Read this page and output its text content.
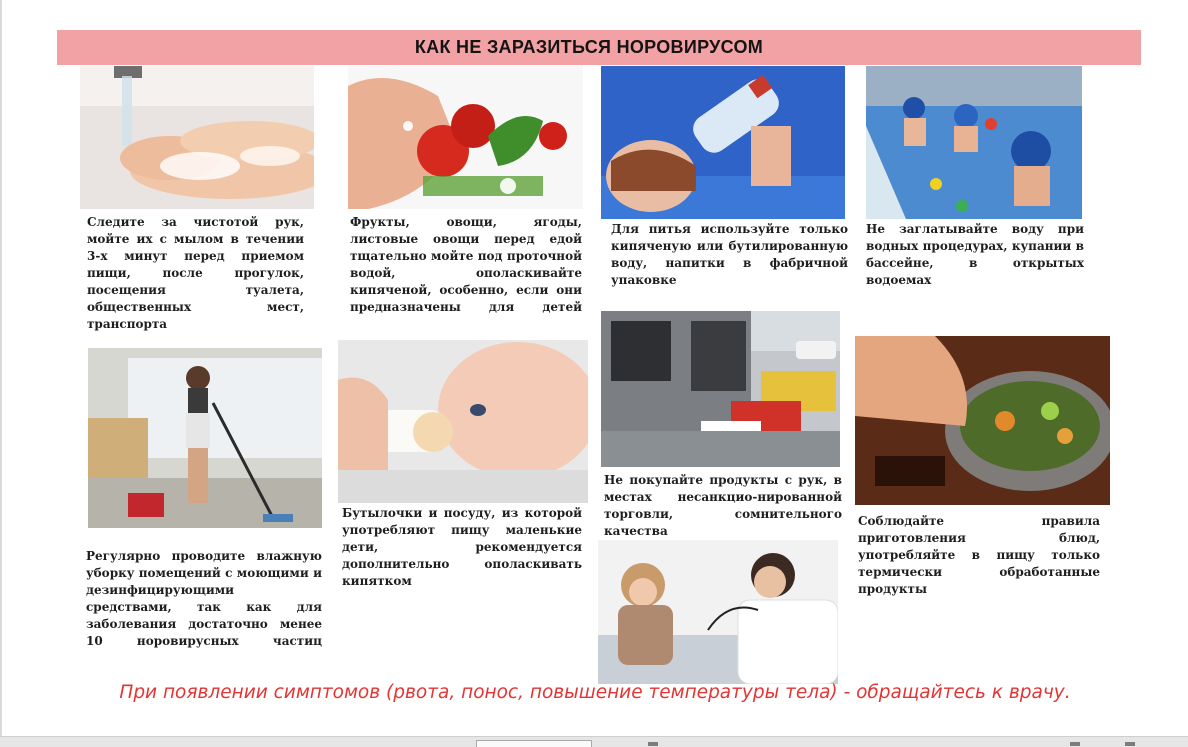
КАК НЕ ЗАРАЗИТЬСЯ НОРОВИРУСОМ

Следите за чистотой рук, мойте их с мылом в течении 3-х минут перед приемом пищи, после прогулок, посещения туалета, общественных мест, транспорта

Фрукты, овощи, ягоды, листовые овощи перед едой тщательно мойте под проточной водой, ополаскивайте кипяченой, особенно, если они предназначены для детей

Для питья используйте только кипяченую или бутилированную воду, напитки в фабричной упаковке

Не заглатывайте воду при водных процедурах, купании в бассейне, в открытых водоемах

Регулярно проводите влажную уборку помещений с моющими и дезинфицирующими средствами, так как для заболевания достаточно менее 10 норовирусных частиц

Бутылочки и посуду, из которой употребляют пищу маленькие дети, рекомендуется дополнительно ополаскивать кипятком

Не покупайте продукты с рук, в местах несанкцио-нированной торговли, сомнительного качества

Соблюдайте правила приготовления блюд, употребляйте в пищу только термически обработанные продукты

При появлении симптомов (рвота, понос, повышение температуры тела) - обращайтесь к врачу.
